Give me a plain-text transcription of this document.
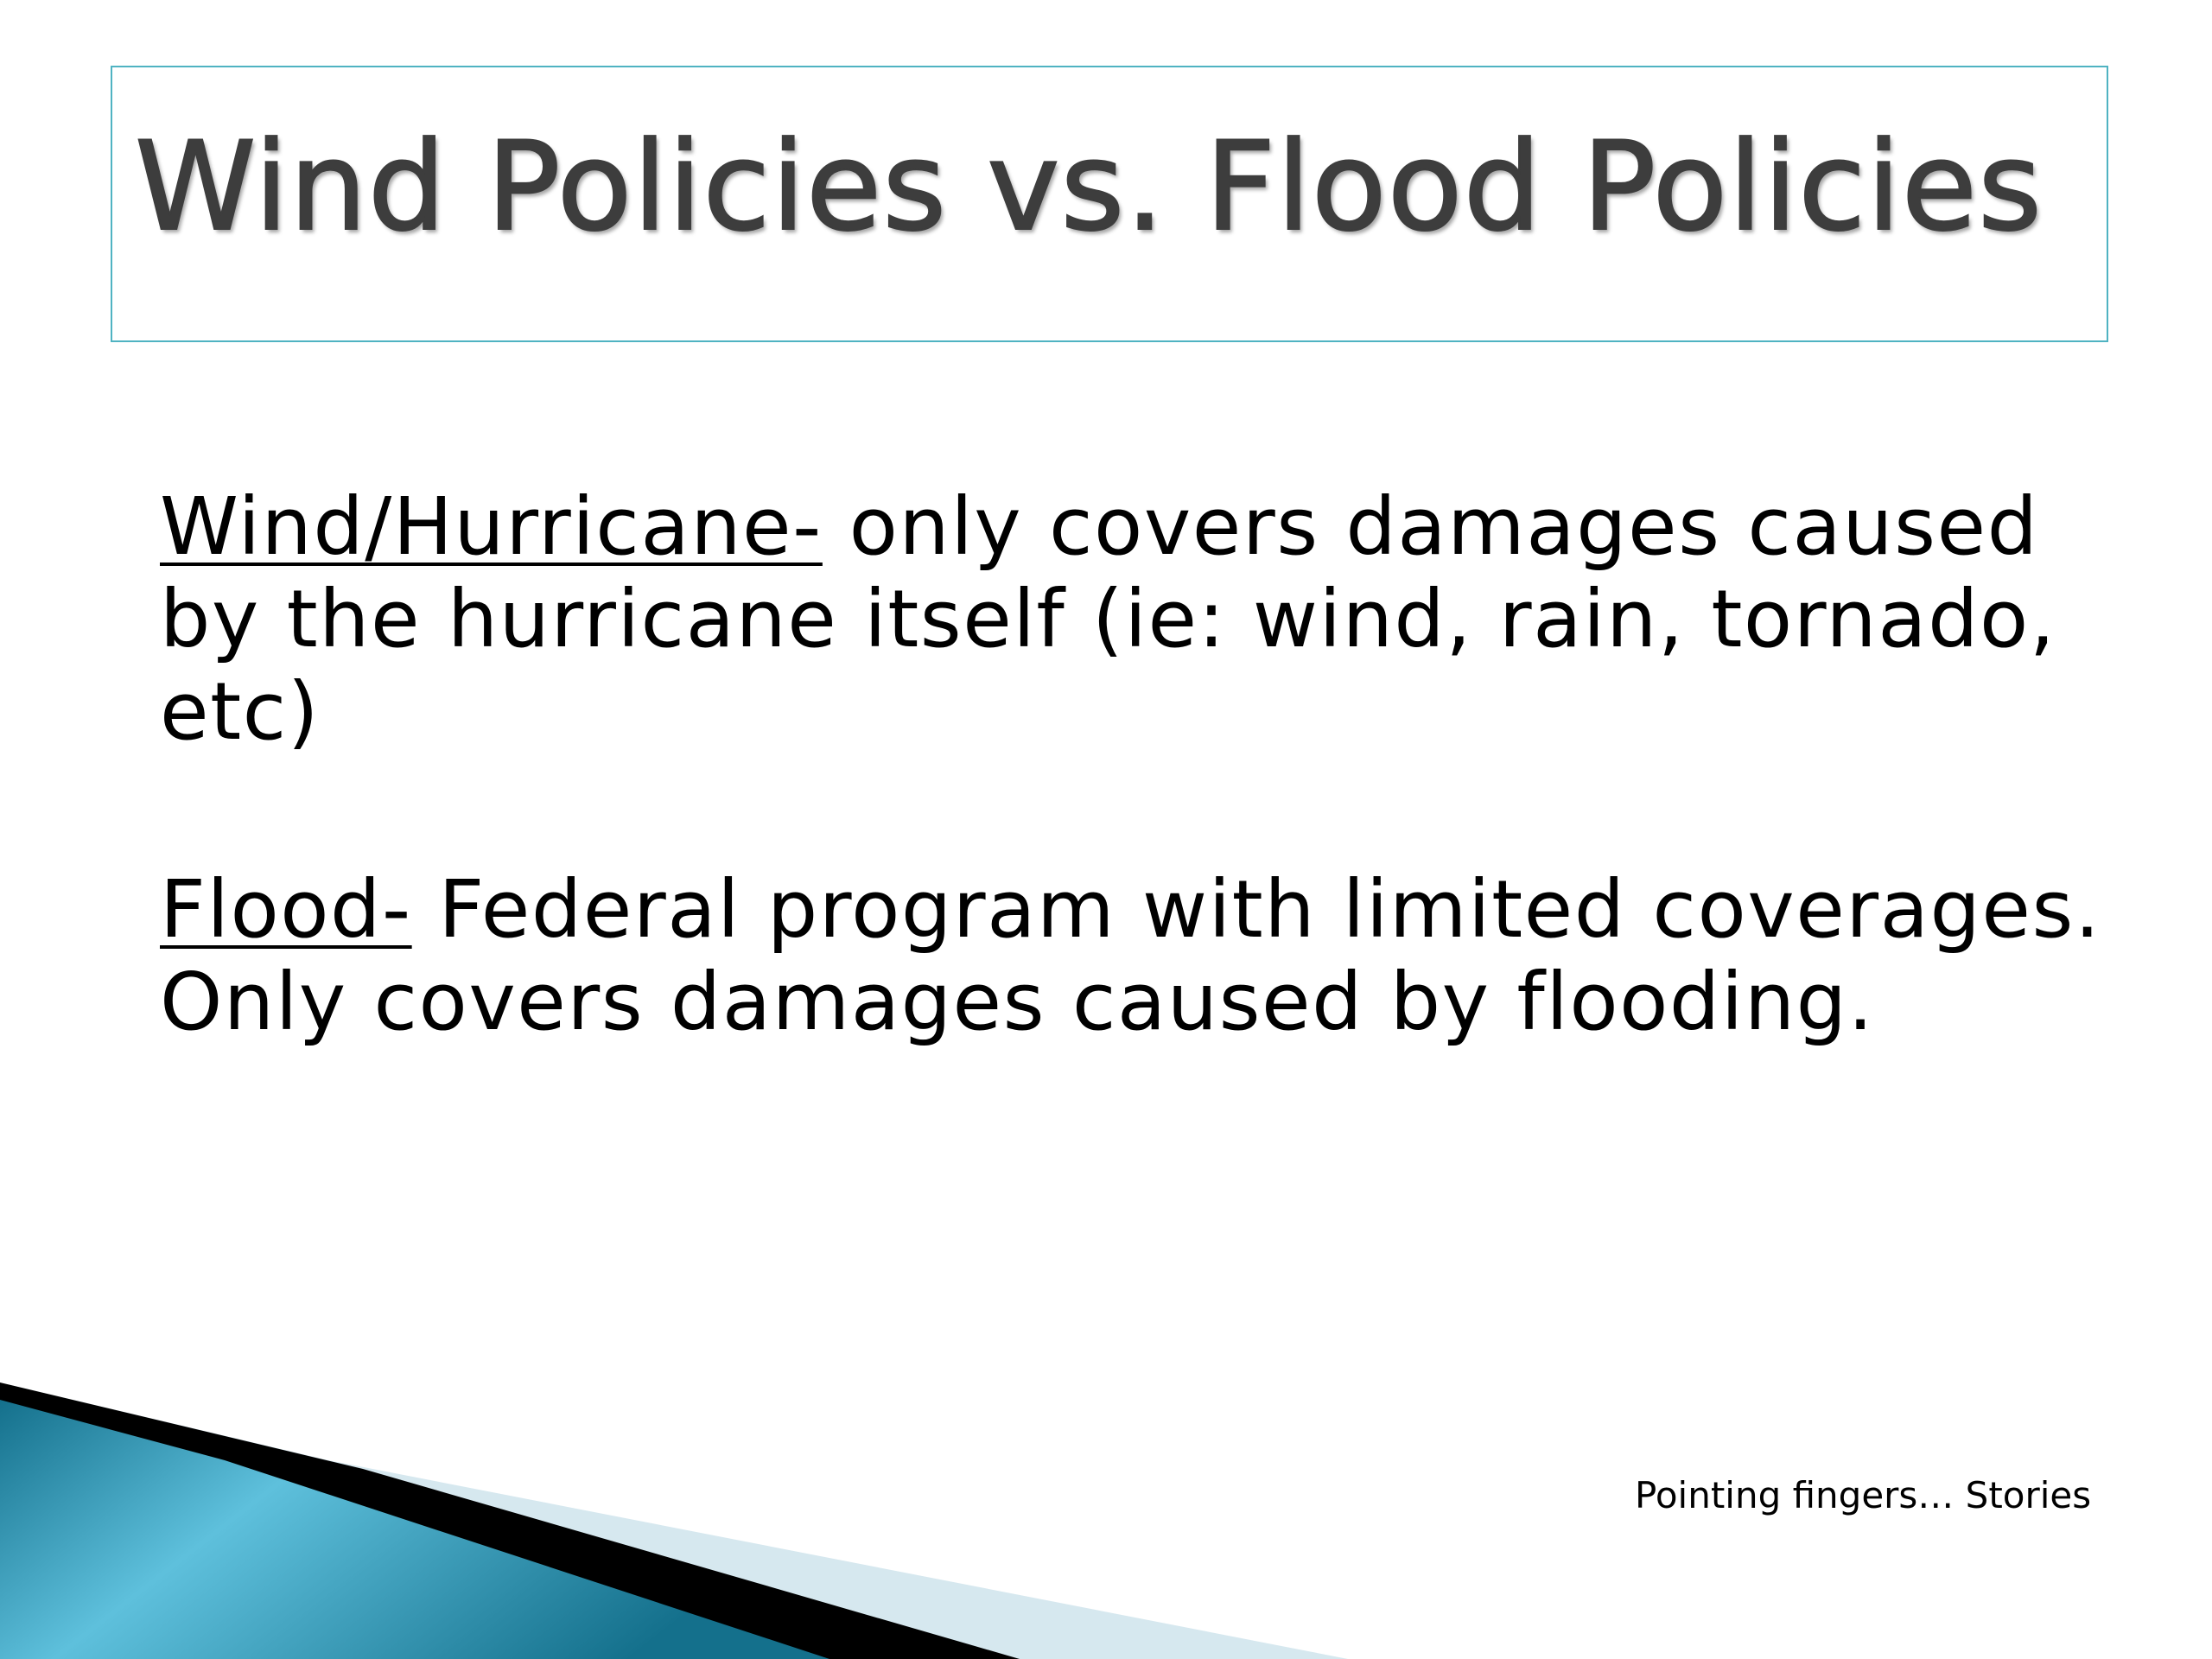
Wind Policies vs. Flood Policies

Wind/Hurricane- only covers damages caused by the hurricane itself (ie: wind, rain, tornado, etc)

Flood- Federal program with limited coverages. Only covers damages caused by flooding.

Pointing fingers… Stories
